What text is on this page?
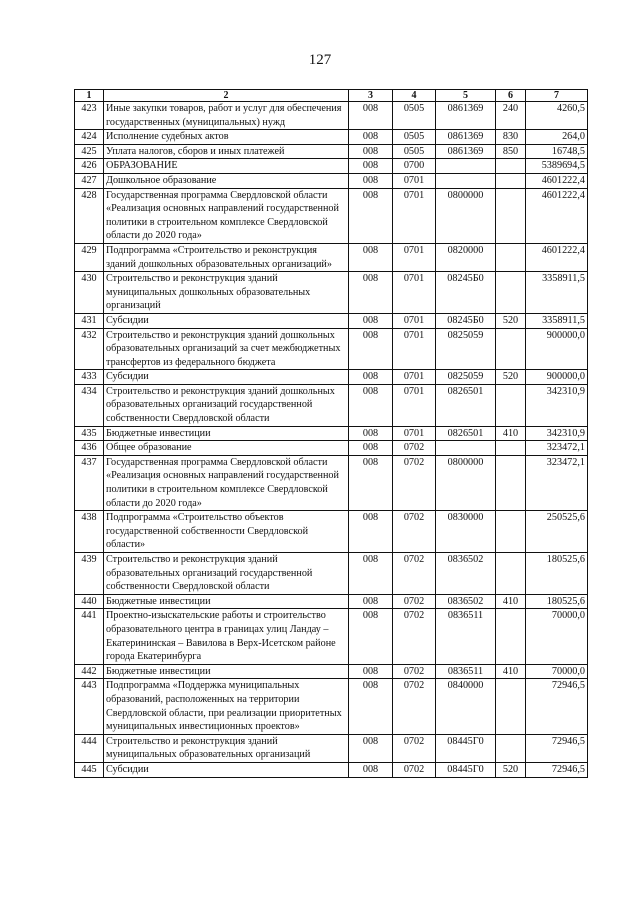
127
1	2	3	4	5	6	7
423	Иные закупки товаров, работ и услуг для обеспечения государственных (муниципальных) нужд	008	0505	0861369	240	4260,5
424	Исполнение судебных актов	008	0505	0861369	830	264,0
425	Уплата налогов, сборов и иных платежей	008	0505	0861369	850	16748,5
426	ОБРАЗОВАНИЕ	008	0700			5389694,5
427	Дошкольное образование	008	0701			4601222,4
428	Государственная программа Свердловской области «Реализация основных направлений государственной политики в строительном комплексе Свердловской области до 2020 года»	008	0701	0800000		4601222,4
429	Подпрограмма «Строительство и реконструкция зданий дошкольных образовательных организаций»	008	0701	0820000		4601222,4
430	Строительство и реконструкция зданий муниципальных дошкольных образовательных организаций	008	0701	08245Б0		3358911,5
431	Субсидии	008	0701	08245Б0	520	3358911,5
432	Строительство и реконструкция зданий дошкольных образовательных организаций за счет межбюджетных трансфертов из федерального бюджета	008	0701	0825059		900000,0
433	Субсидии	008	0701	0825059	520	900000,0
434	Строительство и реконструкция зданий дошкольных образовательных организаций государственной собственности Свердловской области	008	0701	0826501		342310,9
435	Бюджетные инвестиции	008	0701	0826501	410	342310,9
436	Общее образование	008	0702			323472,1
437	Государственная программа Свердловской области «Реализация основных направлений государственной политики в строительном комплексе Свердловской области до 2020 года»	008	0702	0800000		323472,1
438	Подпрограмма «Строительство объектов государственной собственности Свердловской области»	008	0702	0830000		250525,6
439	Строительство и реконструкция зданий образовательных организаций государственной собственности Свердловской области	008	0702	0836502		180525,6
440	Бюджетные инвестиции	008	0702	0836502	410	180525,6
441	Проектно-изыскательские работы и строительство образовательного центра в границах улиц Ландау – Екатерининская – Вавилова в Верх-Исетском районе города Екатеринбурга	008	0702	0836511		70000,0
442	Бюджетные инвестиции	008	0702	0836511	410	70000,0
443	Подпрограмма «Поддержка муниципальных образований, расположенных на территории Свердловской области, при реализации приоритетных муниципальных инвестиционных проектов»	008	0702	0840000		72946,5
444	Строительство и реконструкция зданий муниципальных образовательных организаций	008	0702	08445Г0		72946,5
445	Субсидии	008	0702	08445Г0	520	72946,5
